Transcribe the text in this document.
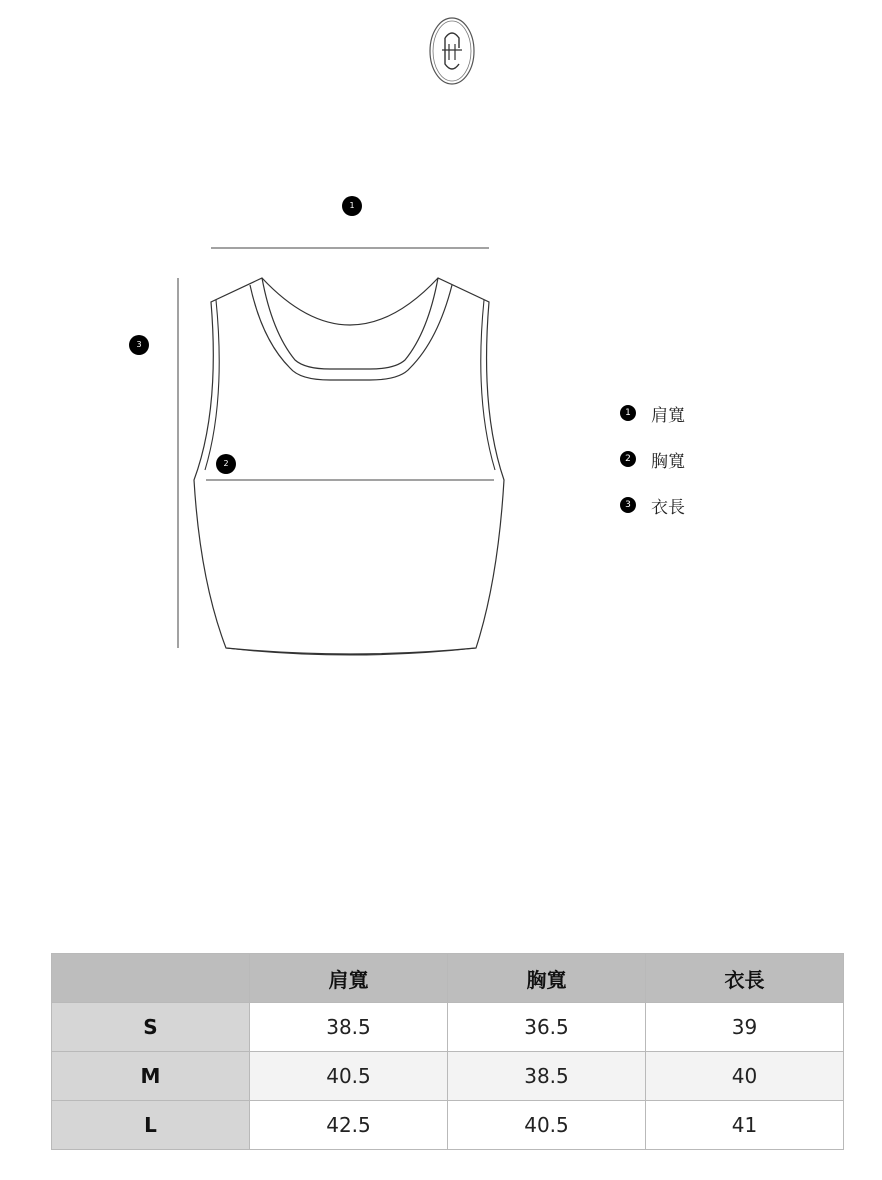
1
2
3
1	肩寬
2	胸寬
3	衣長
	肩寬	胸寬	衣長
S	38.5	36.5	39
M	40.5	38.5	40
L	42.5	40.5	41
